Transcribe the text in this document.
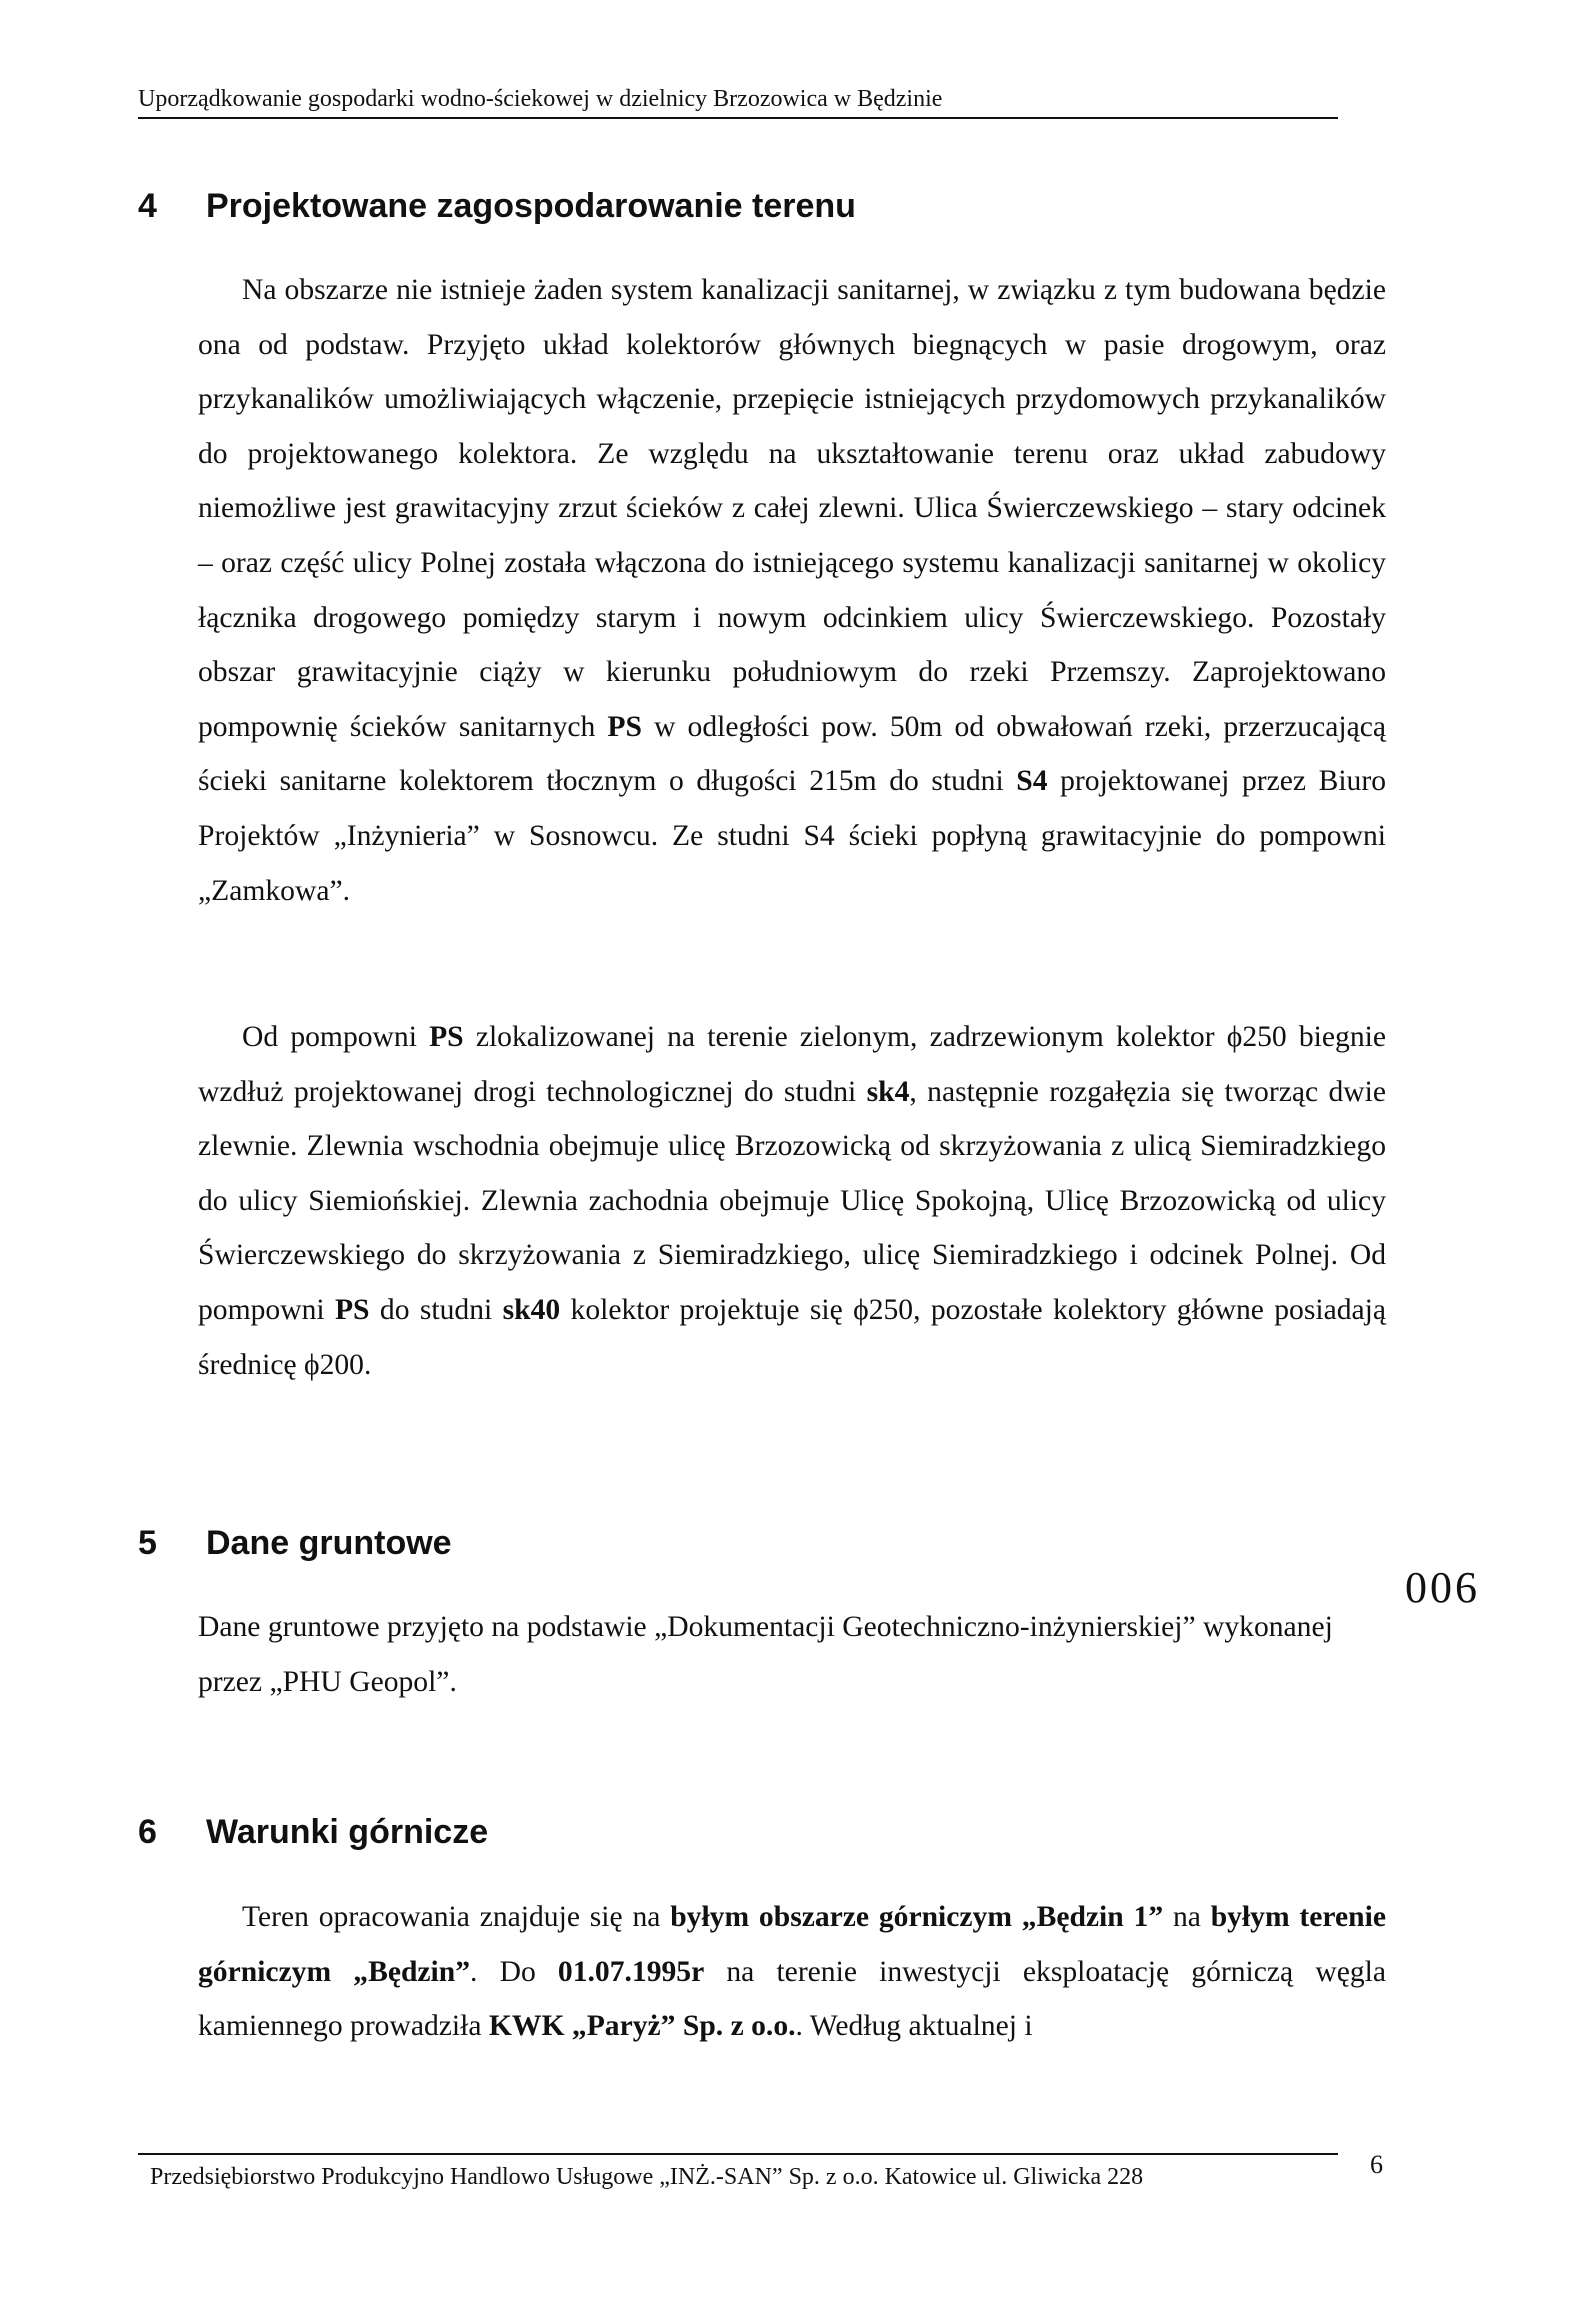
Uporządkowanie gospodarki wodno-ściekowej w dzielnicy Brzozowica w Będzinie
4 Projektowane zagospodarowanie terenu
Na obszarze nie istnieje żaden system kanalizacji sanitarnej, w związku z tym budowana będzie ona od podstaw. Przyjęto układ kolektorów głównych biegnących w pasie drogowym, oraz przykanalików umożliwiających włączenie, przepięcie istniejących przydomowych przykanalików do projektowanego kolektora. Ze względu na ukształtowanie terenu oraz układ zabudowy niemożliwe jest grawitacyjny zrzut ścieków z całej zlewni. Ulica Świerczewskiego – stary odcinek – oraz część ulicy Polnej została włączona do istniejącego systemu kanalizacji sanitarnej w okolicy łącznika drogowego pomiędzy starym i nowym odcinkiem ulicy Świerczewskiego. Pozostały obszar grawitacyjnie ciąży w kierunku południowym do rzeki Przemszy. Zaprojektowano pompownię ścieków sanitarnych PS w odległości pow. 50m od obwałowań rzeki, przerzucającą ścieki sanitarne kolektorem tłocznym o długości 215m do studni S4 projektowanej przez Biuro Projektów „Inżynieria” w Sosnowcu. Ze studni S4 ścieki popłyną grawitacyjnie do pompowni „Zamkowa”.
Od pompowni PS zlokalizowanej na terenie zielonym, zadrzewionym kolektor ϕ250 biegnie wzdłuż projektowanej drogi technologicznej do studni sk4, następnie rozgałęzia się tworząc dwie zlewnie. Zlewnia wschodnia obejmuje ulicę Brzozowicką od skrzyżowania z ulicą Siemiradzkiego do ulicy Siemiońskiej. Zlewnia zachodnia obejmuje Ulicę Spokojną, Ulicę Brzozowicką od ulicy Świerczewskiego do skrzyżowania z Siemiradzkiego, ulicę Siemiradzkiego i odcinek Polnej. Od pompowni PS do studni sk40 kolektor projektuje się ϕ250, pozostałe kolektory główne posiadają średnicę ϕ200.
5 Dane gruntowe
Dane gruntowe przyjęto na podstawie „Dokumentacji Geotechniczno-inżynierskiej” wykonanej przez „PHU Geopol”.
6 Warunki górnicze
Teren opracowania znajduje się na byłym obszarze górniczym „Będzin 1” na byłym terenie górniczym „Będzin”. Do 01.07.1995r na terenie inwestycji eksploatację górniczą węgla kamiennego prowadziła KWK „Paryż” Sp. z o.o.. Według aktualnej i
006
Przedsiębiorstwo Produkcyjno Handlowo Usługowe „INŻ.-SAN” Sp. z o.o. Katowice ul. Gliwicka 228	6
